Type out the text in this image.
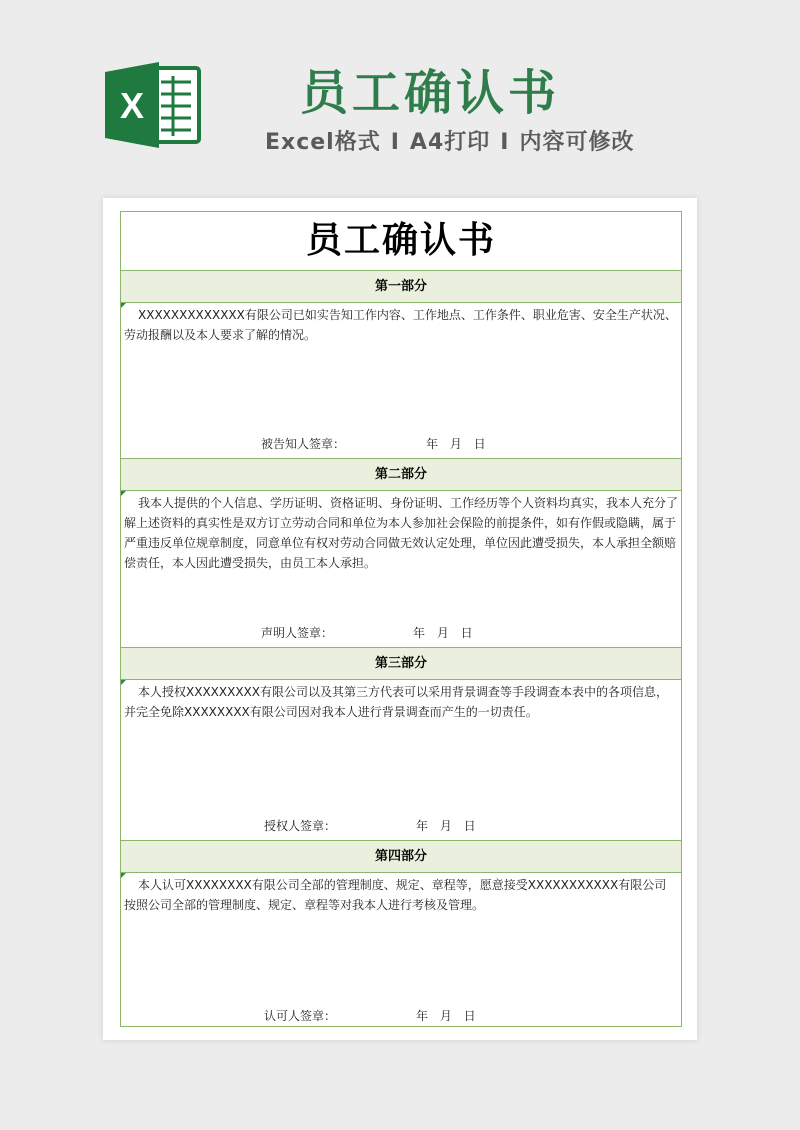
X	员工确认书
Excel格式 I A4打印 I 内容可修改
员工确认书
第一部分
XXXXXXXXXXXXX有限公司已如实告知工作内容、工作地点、工作条件、职业危害、安全生产状况、劳动报酬以及本人要求了解的情况。
被告知人签章：	年 月 日
第二部分
我本人提供的个人信息、学历证明、资格证明、身份证明、工作经历等个人资料均真实，我本人充分了解上述资料的真实性是双方订立劳动合同和单位为本人参加社会保险的前提条件，如有作假或隐瞒，属于严重违反单位规章制度，同意单位有权对劳动合同做无效认定处理，单位因此遭受损失，本人承担全额赔偿责任，本人因此遭受损失，由员工本人承担。
声明人签章：	年 月 日
第三部分
本人授权XXXXXXXXX有限公司以及其第三方代表可以采用背景调查等手段调查本表中的各项信息，并完全免除XXXXXXXX有限公司因对我本人进行背景调查而产生的一切责任。
授权人签章：	年 月 日
第四部分
本人认可XXXXXXXX有限公司全部的管理制度、规定、章程等，愿意接受XXXXXXXXXXX有限公司按照公司全部的管理制度、规定、章程等对我本人进行考核及管理。
认可人签章：	年 月 日
